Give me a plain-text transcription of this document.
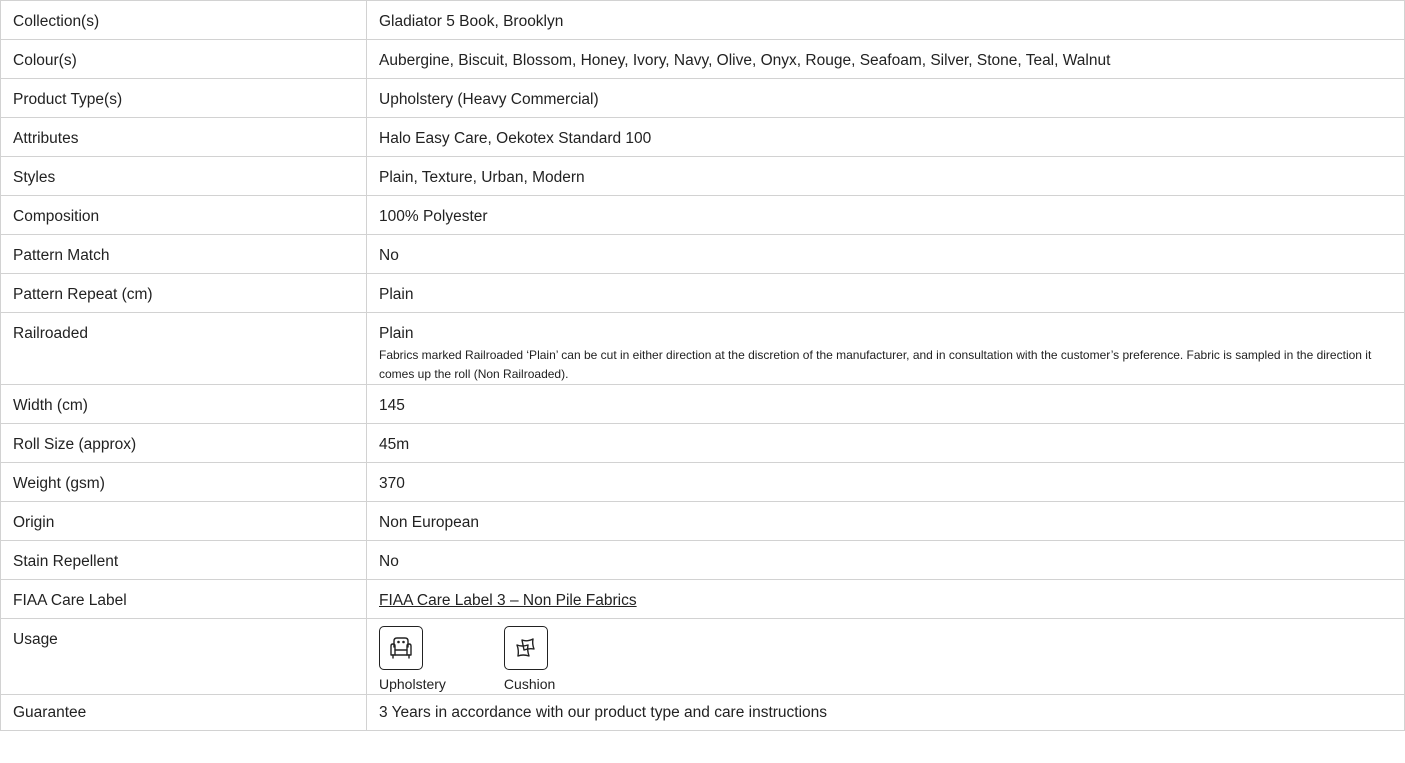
Collection(s)	Gladiator 5 Book, Brooklyn
Colour(s)	Aubergine, Biscuit, Blossom, Honey, Ivory, Navy, Olive, Onyx, Rouge, Seafoam, Silver, Stone, Teal, Walnut
Product Type(s)	Upholstery (Heavy Commercial)
Attributes	Halo Easy Care, Oekotex Standard 100
Styles	Plain, Texture, Urban, Modern
Composition	100% Polyester
Pattern Match	No
Pattern Repeat (cm)	Plain
Railroaded	Plain
Fabrics marked Railroaded ‘Plain’ can be cut in either direction at the discretion of the manufacturer, and in consultation with the customer’s preference. Fabric is sampled in the direction it comes up the roll (Non Railroaded).

Width (cm)	145
Roll Size (approx)	45m
Weight (gsm)	370
Origin	Non European
Stain Repellent	No
FIAA Care Label	FIAA Care Label 3 – Non Pile Fabrics
Usage	Upholstery Cushion

Guarantee	3 Years in accordance with our product type and care instructions
